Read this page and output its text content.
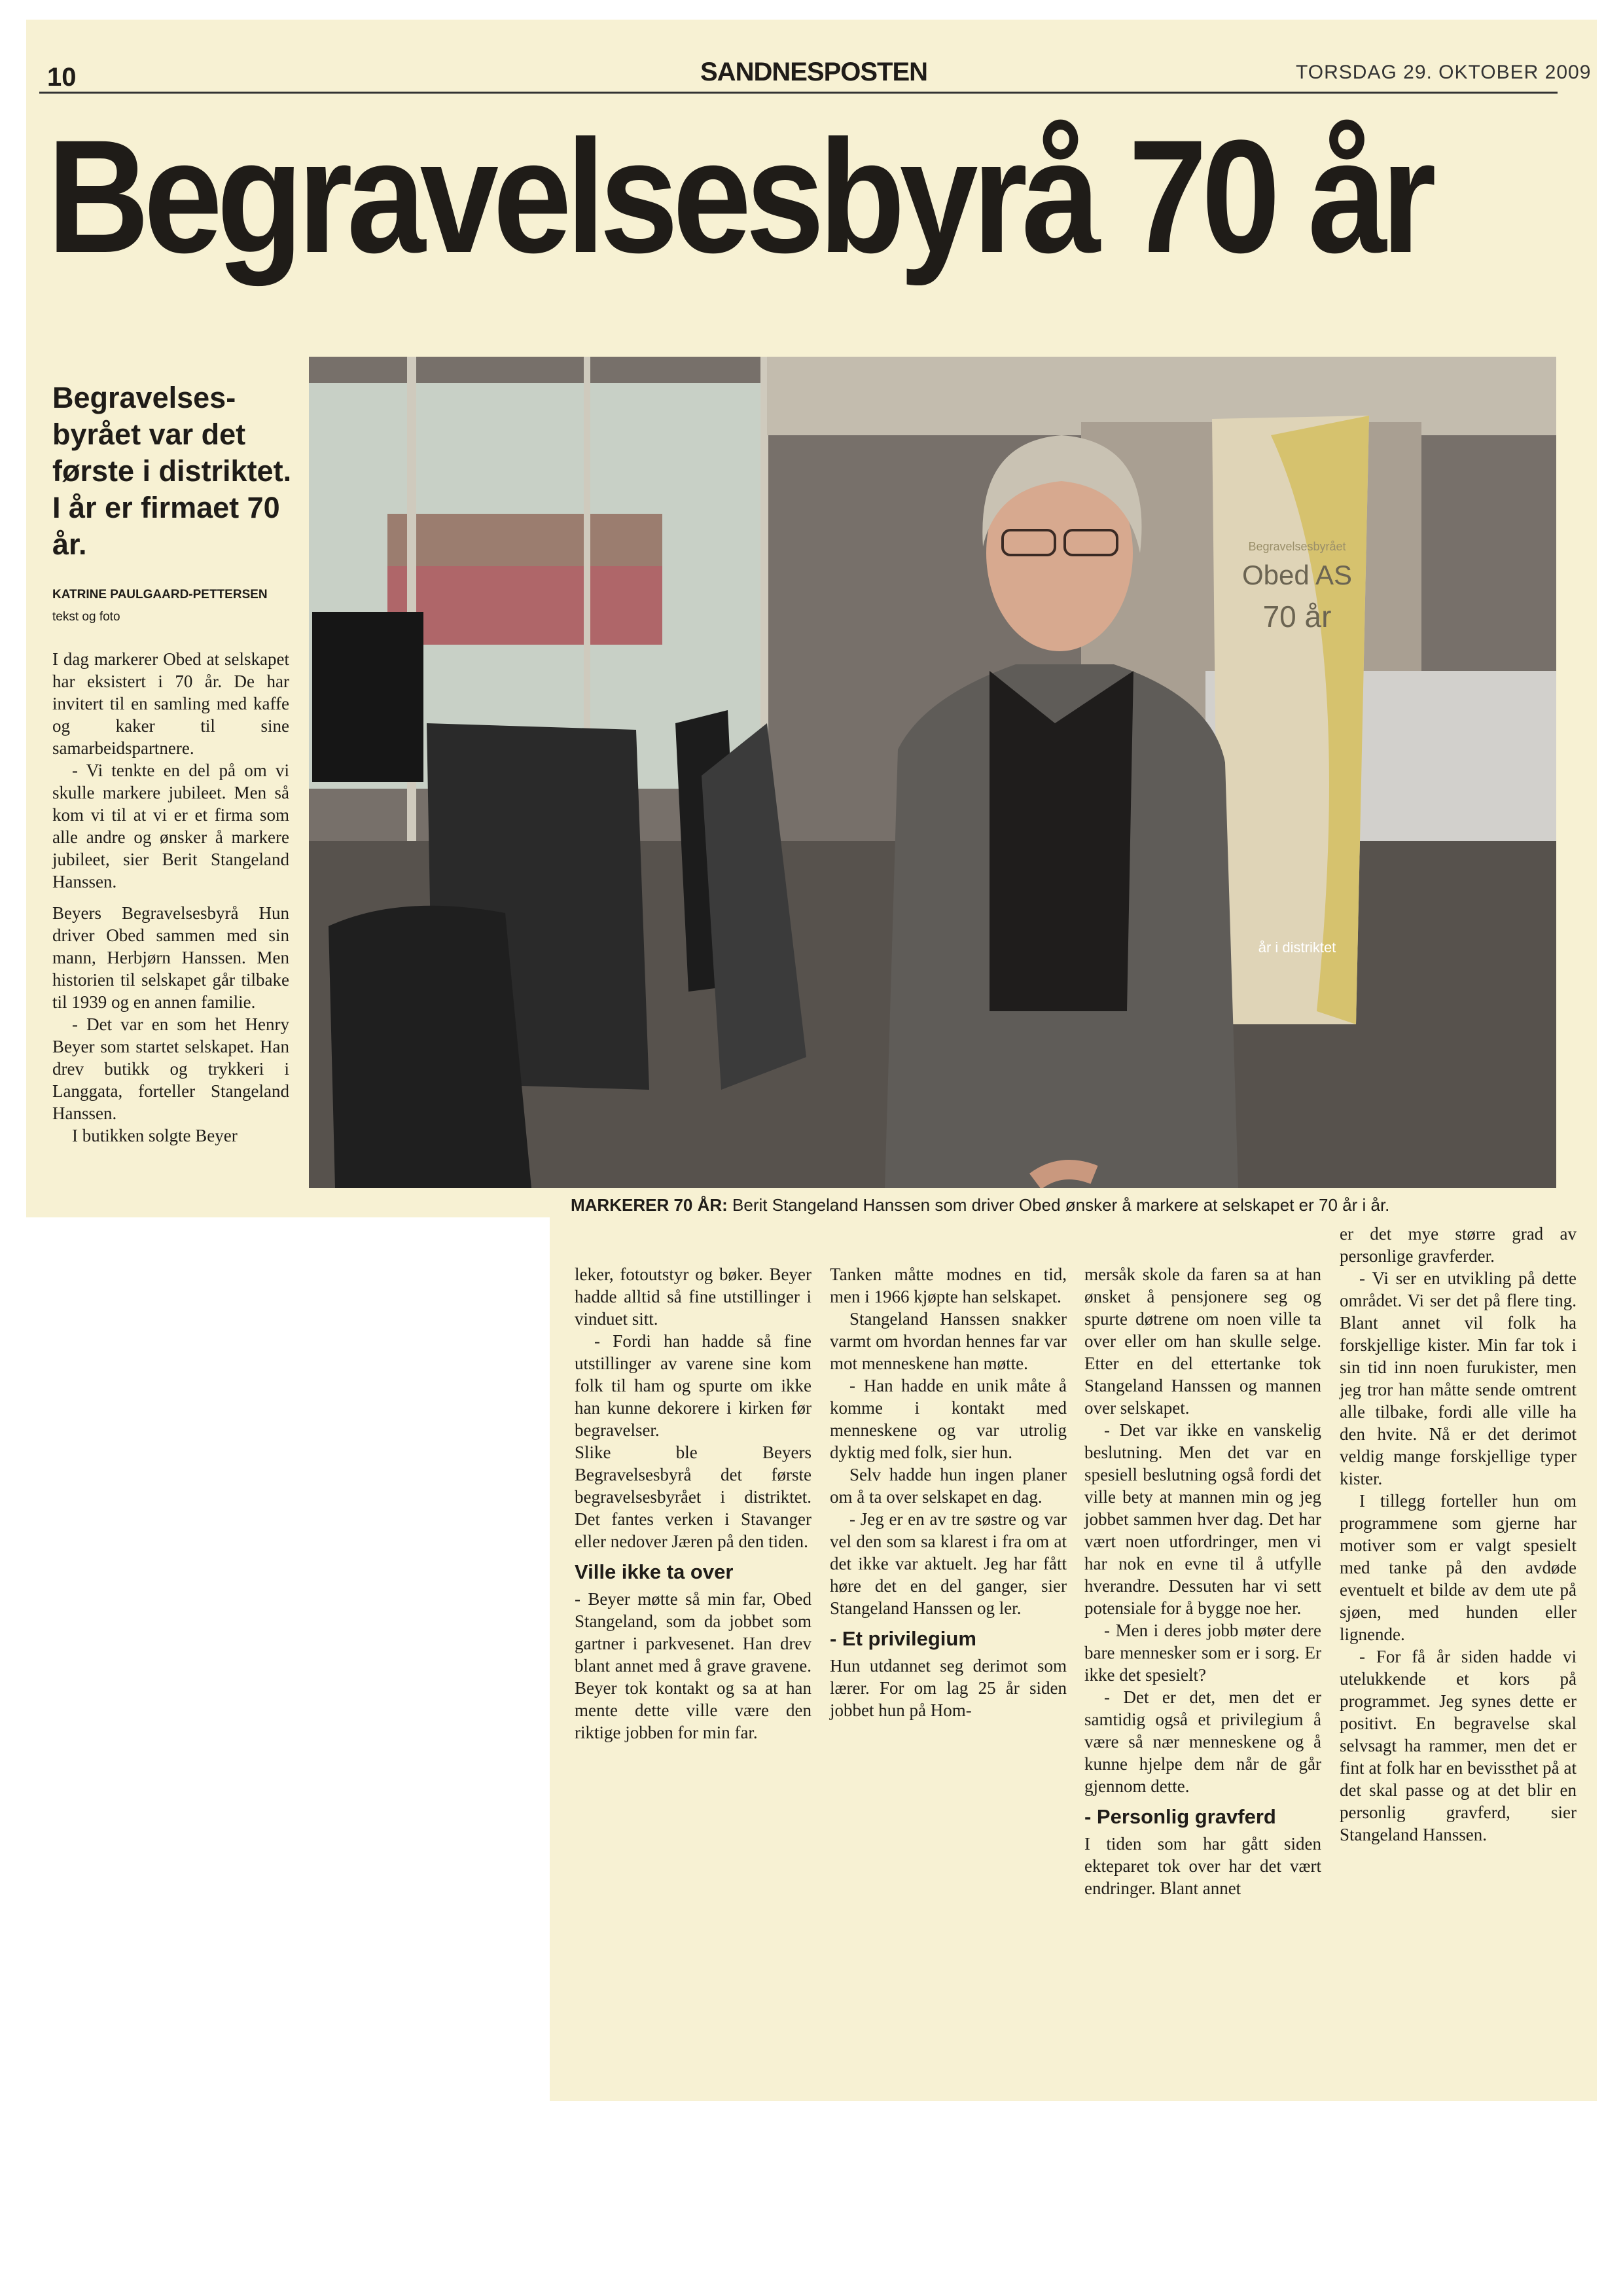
10	SANDNESPOSTEN	TORSDAG 29. OKTOBER 2009
Begravelsesbyrå 70 år
Begravelsesbyrået var det første i distriktet. I år er firmaet 70 år.
KATRINE PAULGAARD-PETTERSEN
tekst og foto

I dag markerer Obed at selskapet har eksistert i 70 år. De har invitert til en samling med kaffe og kaker til sine samarbeidspartnere.

- Vi tenkte en del på om vi skulle markere jubileet. Men så kom vi til at vi er et firma som alle andre og ønsker å markere jubileet, sier Berit Stangeland Hanssen.

Beyers Begravelsesbyrå Hun driver Obed sammen med sin mann, Herbjørn Hanssen. Men historien til selskapet går tilbake til 1939 og en annen familie.

- Det var en som het Henry Beyer som startet selskapet. Han drev butikk og trykkeri i Langgata, forteller Stangeland Hanssen.

I butikken solgte Beyer

Begravelsesbyrået
Obed AS
70 år
år i distriktet
MARKERER 70 ÅR: Berit Stangeland Hanssen som driver Obed ønsker å markere at selskapet er 70 år i år.

leker, fotoutstyr og bøker. Beyer hadde alltid så fine utstillinger i vinduet sitt.

- Fordi han hadde så fine utstillinger av varene sine kom folk til ham og spurte om ikke han kunne dekorere i kirken før begravelser.

Slike ble Beyers Begravelsesbyrå det første begravelsesbyrået i distriktet. Det fantes verken i Stavanger eller nedover Jæren på den tiden.

Ville ikke ta over

- Beyer møtte så min far, Obed Stangeland, som da jobbet som gartner i parkvesenet. Han drev blant annet med å grave gravene. Beyer tok kontakt og sa at han mente dette ville være den riktige jobben for min far.

Tanken måtte modnes en tid, men i 1966 kjøpte han selskapet.

Stangeland Hanssen snakker varmt om hvordan hennes far var mot menneskene han møtte.

- Han hadde en unik måte å komme i kontakt med menneskene og var utrolig dyktig med folk, sier hun.

Selv hadde hun ingen planer om å ta over selskapet en dag.

- Jeg er en av tre søstre og var vel den som sa klarest i fra om at det ikke var aktuelt. Jeg har fått høre det en del ganger, sier Stangeland Hanssen og ler.

- Et privilegium

Hun utdannet seg derimot som lærer. For om lag 25 år siden jobbet hun på Hom-

mersåk skole da faren sa at han ønsket å pensjonere seg og spurte døtrene om noen ville ta over eller om han skulle selge. Etter en del ettertanke tok Stangeland Hanssen og mannen over selskapet.

- Det var ikke en vanskelig beslutning. Men det var en spesiell beslutning også fordi det ville bety at mannen min og jeg jobbet sammen hver dag. Det har vært noen utfordringer, men vi har nok en evne til å utfylle hverandre. Dessuten har vi sett potensiale for å bygge noe her.

- Men i deres jobb møter dere bare mennesker som er i sorg. Er ikke det spesielt?

- Det er det, men det er samtidig også et privilegium å være så nær menneskene og å kunne hjelpe dem når de går gjennom dette.

- Personlig gravferd

I tiden som har gått siden ekteparet tok over har det vært endringer. Blant annet

er det mye større grad av personlige gravferder.

- Vi ser en utvikling på dette området. Vi ser det på flere ting. Blant annet vil folk ha forskjellige kister. Min far tok i sin tid inn noen furukister, men jeg tror han måtte sende omtrent alle tilbake, fordi alle ville ha den hvite. Nå er det derimot veldig mange forskjellige typer kister.

I tillegg forteller hun om programmene som gjerne har motiver som er valgt spesielt med tanke på den avdøde eventuelt et bilde av dem ute på sjøen, med hunden eller lignende.

- For få år siden hadde vi utelukkende et kors på programmet. Jeg synes dette er positivt. En begravelse skal selvsagt ha rammer, men det er fint at folk har en bevissthet på at det skal passe og at det blir en personlig gravferd, sier Stangeland Hanssen.
